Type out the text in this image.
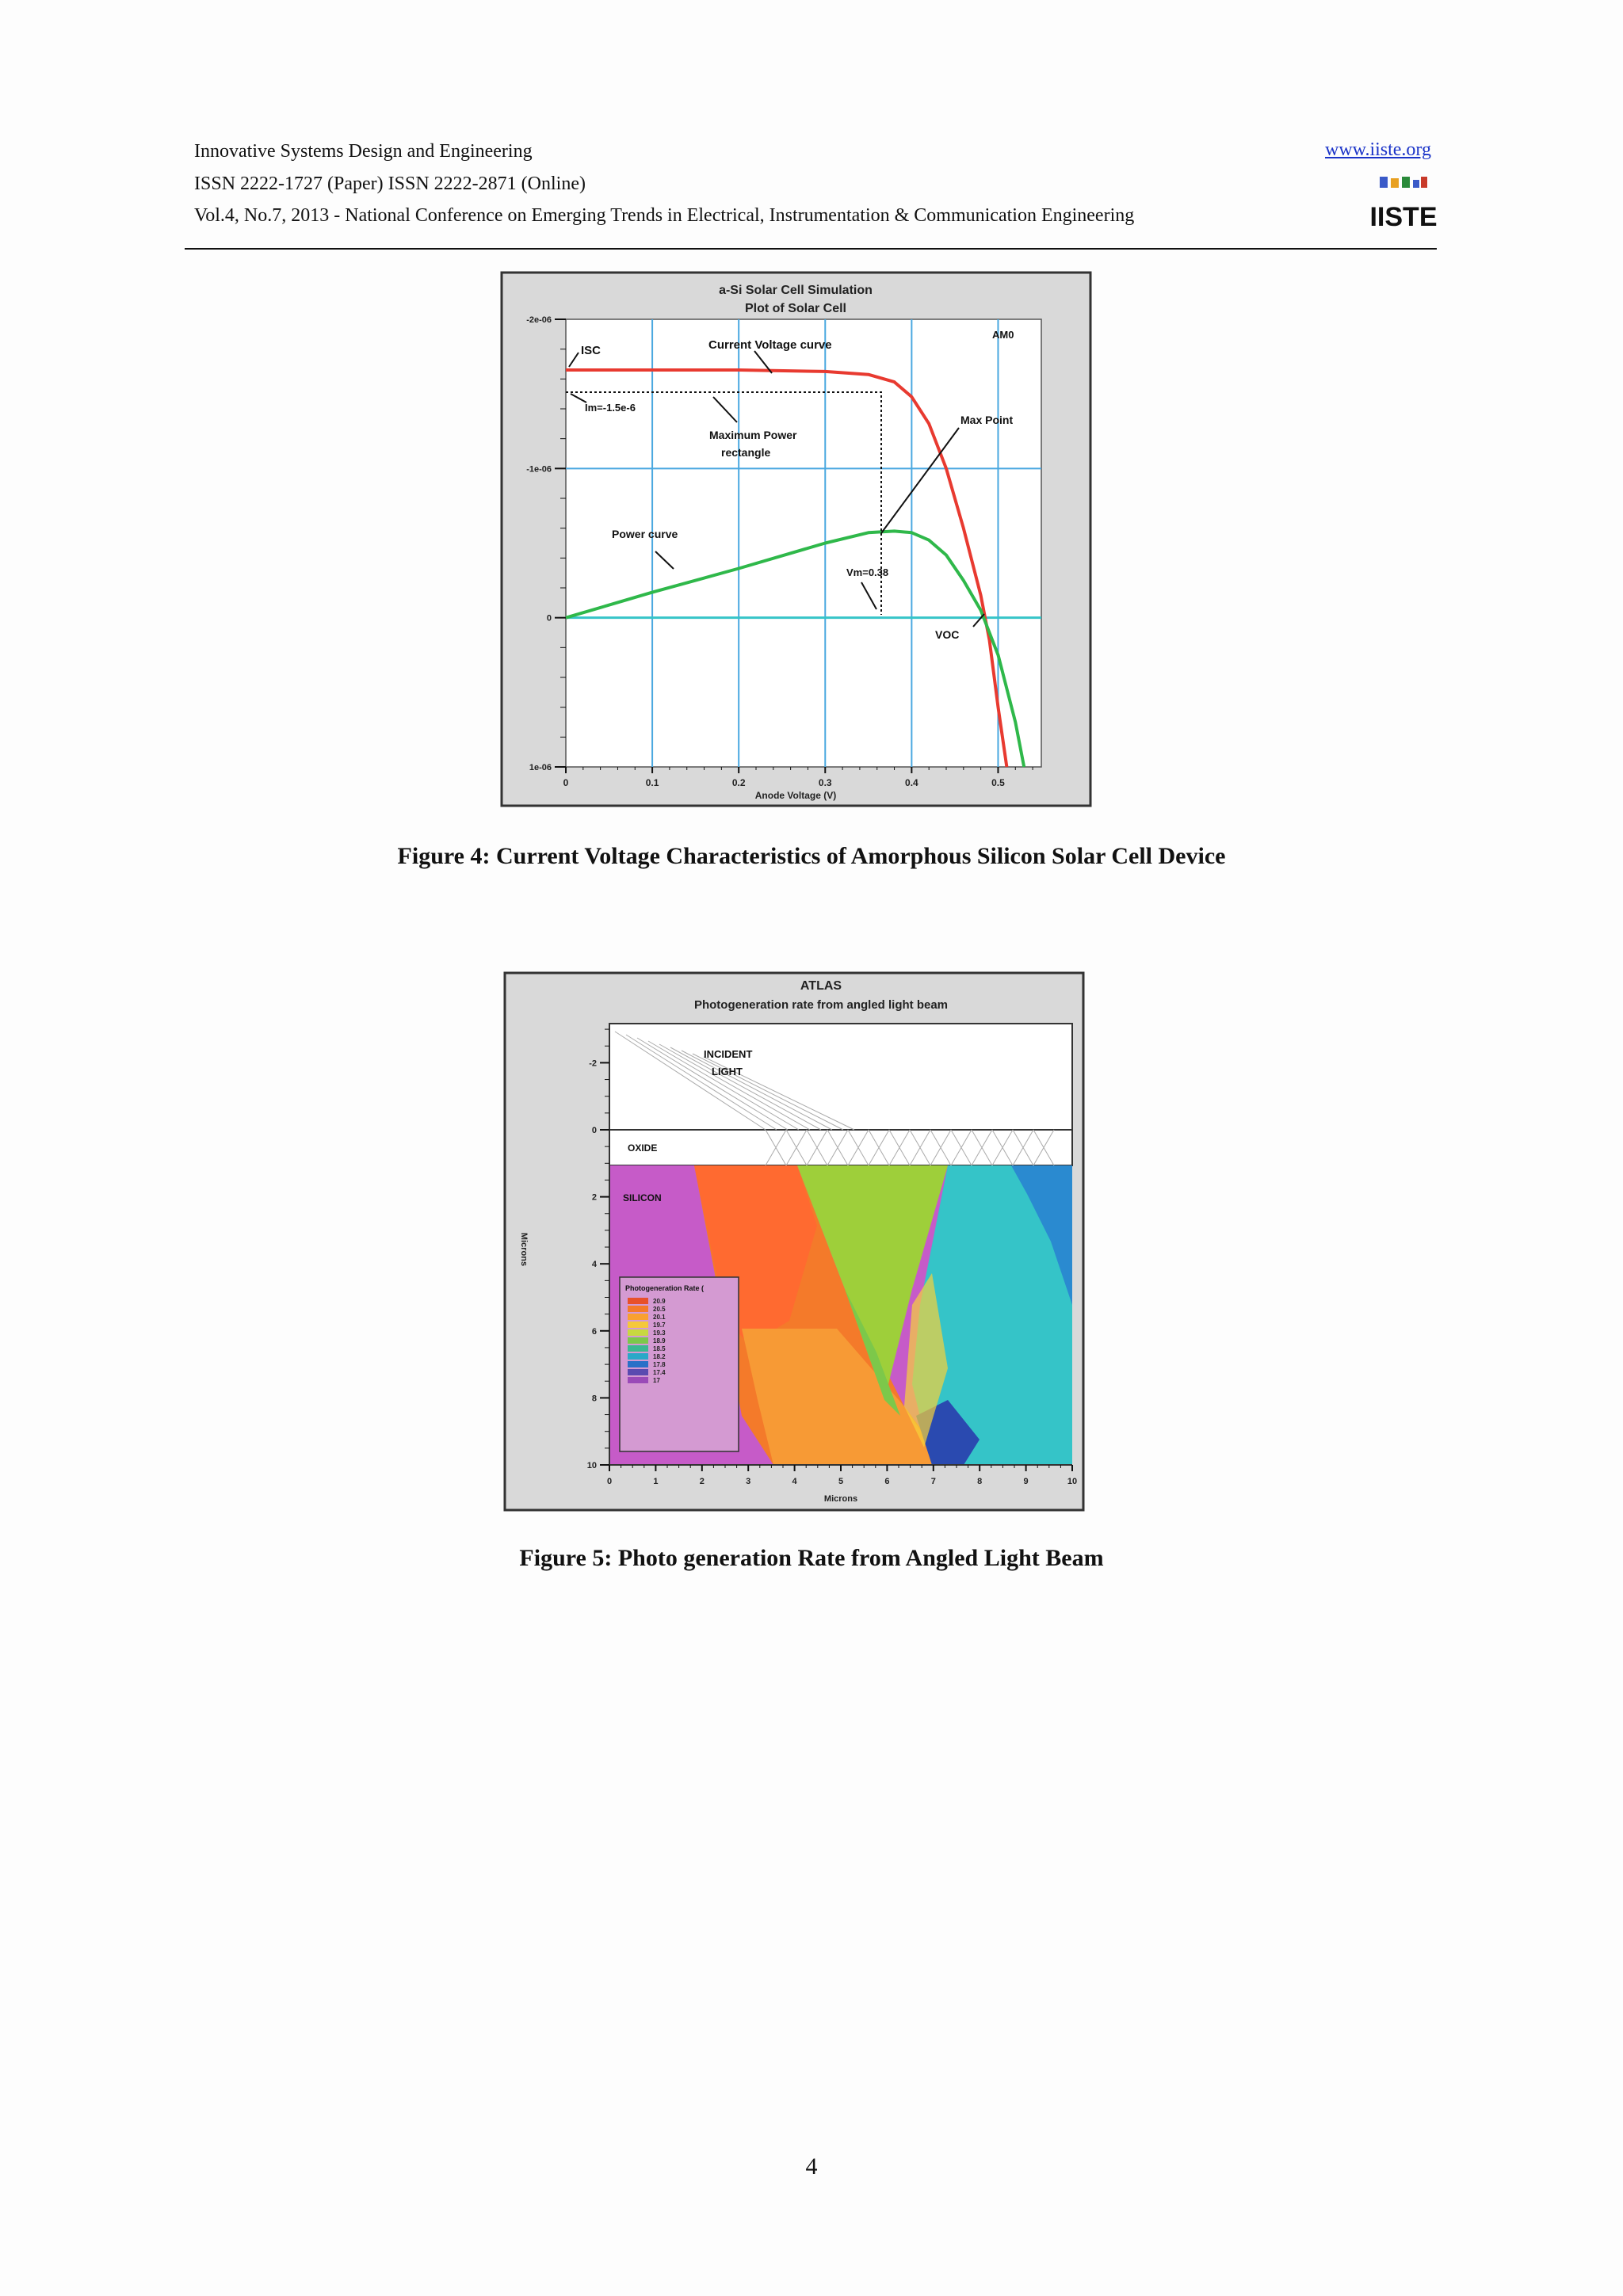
Innovative Systems Design and Engineering
ISSN 2222-1727 (Paper) ISSN 2222-2871 (Online)
Vol.4, No.7, 2013 - National Conference on Emerging Trends in Electrical, Instrumentation & Communication Engineering
www.iiste.org
IISTE
a-Si Solar Cell Simulation
Plot of Solar Cell
0	0.1	0.2	0.3	0.4	0.5
-2e-06
-1e-06
0
1e-06
ISC	Current Voltage curve
AM0
Im=-1.5e-6
Maximum Power
rectangle
Max Point
Power curve
Vm=0.38
VOC
Anode Voltage (V)
Figure 4: Current Voltage Characteristics of Amorphous Silicon Solar Cell Device
ATLAS
Photogeneration rate from angled light beam
INCIDENT
LIGHT
OXIDE
SILICON
Photogeneration Rate (
20.9
20.5
20.1
19.7
19.3
18.9
18.5
18.2
17.8
17.4
17
0	1	2	3	4	5	6	7	8	9	10
-2
0
2
4
6
8
10
Microns
Microns
Figure 5: Photo generation Rate from Angled Light Beam
4
